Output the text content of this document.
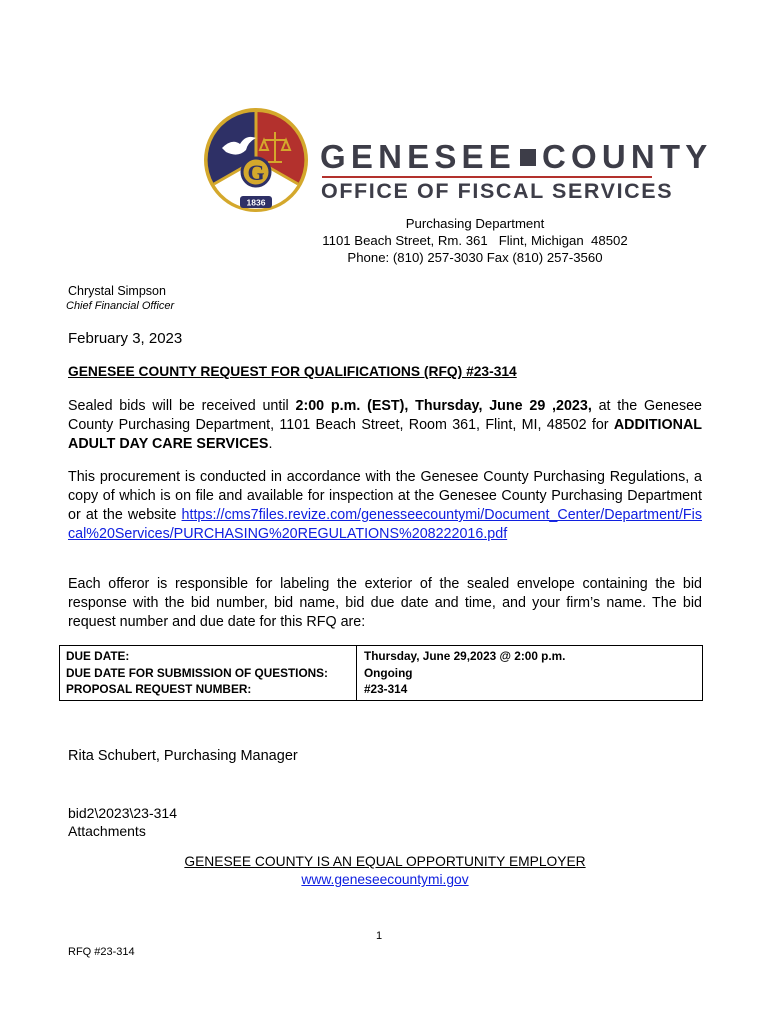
G
1836
GENESEE COUNTY
OFFICE OF FISCAL SERVICES
Purchasing Department
1101 Beach Street, Rm. 361   Flint, Michigan  48502
Phone: (810) 257-3030 Fax (810) 257-3560
Chrystal Simpson
Chief Financial Officer
February 3, 2023
GENESEE COUNTY REQUEST FOR QUALIFICATIONS (RFQ) #23-314

Sealed bids will be received until 2:00 p.m. (EST), Thursday, June 29 ,2023, at the Genesee County Purchasing Department, 1101 Beach Street, Room 361, Flint, MI, 48502 for ADDITIONAL ADULT DAY CARE SERVICES.

This procurement is conducted in accordance with the Genesee County Purchasing Regulations, a copy of which is on file and available for inspection at the Genesee County Purchasing Department or at the website https://cms7files.revize.com/genesseecountymi/Document_Center/Department/Fiscal%20Services/PURCHASING%20REGULATIONS%208222016.pdf

Each offeror is responsible for labeling the exterior of the sealed envelope containing the bid response with the bid number, bid name, bid due date and time, and your firm’s name. The bid request number and due date for this RFQ are:

DUE DATE:	Thursday, June 29,2023 @ 2:00 p.m.
DUE DATE FOR SUBMISSION OF QUESTIONS:	Ongoing
PROPOSAL REQUEST NUMBER:	#23-314
Rita Schubert, Purchasing Manager
bid2\2023\23-314
Attachments
GENESEE COUNTY IS AN EQUAL OPPORTUNITY EMPLOYER
www.geneseecountymi.gov
1
RFQ #23-314
